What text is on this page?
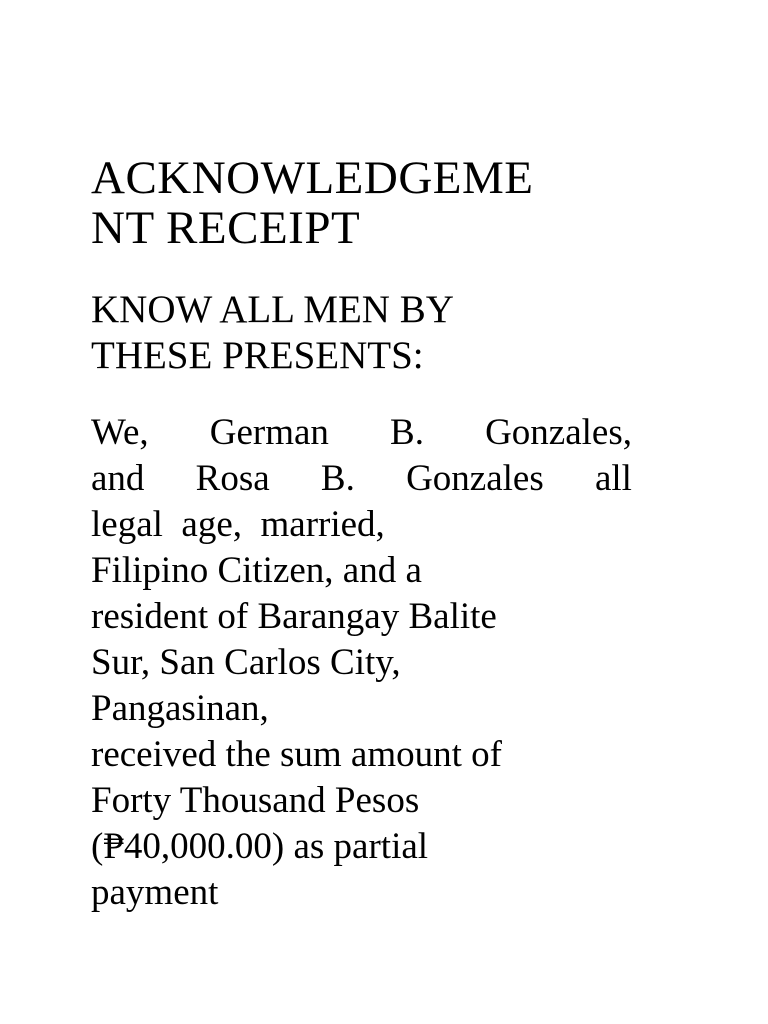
ACKNOWLEDGEME
NT RECEIPT
KNOW ALL MEN BY
THESE PRESENTS:
We, German B. Gonzales,
and Rosa B. Gonzales all
legal  age,  married,
Filipino Citizen, and a
resident of Barangay Balite
Sur, San Carlos City,
Pangasinan,
received the sum amount of
Forty Thousand Pesos
(₱40,000.00) as partial
payment
